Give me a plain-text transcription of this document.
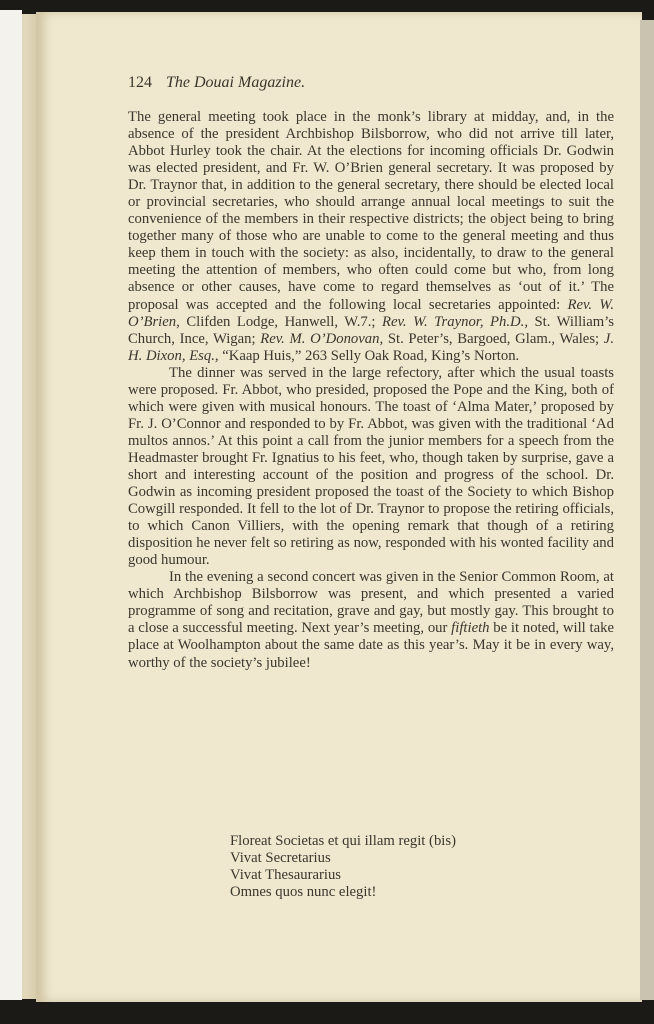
124 The Douai Magazine.

The general meeting took place in the monk’s library at midday, and, in the absence of the president Archbishop Bilsborrow, who did not arrive till later, Abbot Hurley took the chair. At the elections for incoming officials Dr. Godwin was elected president, and Fr. W. O’Brien general secretary. It was proposed by Dr. Traynor that, in addition to the general secretary, there should be elected local or provincial secretaries, who should arrange annual local meetings to suit the convenience of the members in their respective districts; the object being to bring together many of those who are unable to come to the general meeting and thus keep them in touch with the society: as also, incidentally, to draw to the general meeting the attention of members, who often could come but who, from long absence or other causes, have come to regard themselves as ‘out of it.’ The proposal was accepted and the following local secretaries appointed: Rev. W. O’Brien, Clifden Lodge, Hanwell, W.7.; Rev. W. Traynor, Ph.D., St. William’s Church, Ince, Wigan; Rev. M. O’Donovan, St. Peter’s, Bargoed, Glam., Wales; J. H. Dixon, Esq., “Kaap Huis,” 263 Selly Oak Road, King’s Norton.

The dinner was served in the large refectory, after which the usual toasts were proposed. Fr. Abbot, who presided, proposed the Pope and the King, both of which were given with musical honours. The toast of ‘Alma Mater,’ proposed by Fr. J. O’Connor and responded to by Fr. Abbot, was given with the traditional ‘Ad multos annos.’ At this point a call from the junior members for a speech from the Headmaster brought Fr. Ignatius to his feet, who, though taken by surprise, gave a short and interesting account of the position and progress of the school. Dr. Godwin as incoming president proposed the toast of the Society to which Bishop Cowgill responded. It fell to the lot of Dr. Traynor to propose the retiring officials, to which Canon Villiers, with the opening remark that though of a retiring disposition he never felt so retiring as now, responded with his wonted facility and good humour.

In the evening a second concert was given in the Senior Common Room, at which Archbishop Bilsborrow was present, and which presented a varied programme of song and recitation, grave and gay, but mostly gay. This brought to a close a successful meeting. Next year’s meeting, our fiftieth be it noted, will take place at Woolhampton about the same date as this year’s. May it be in every way, worthy of the society’s jubilee!

Floreat Societas et qui illam regit (bis)
Vivat Secretarius
Vivat Thesaurarius
Omnes quos nunc elegit!
